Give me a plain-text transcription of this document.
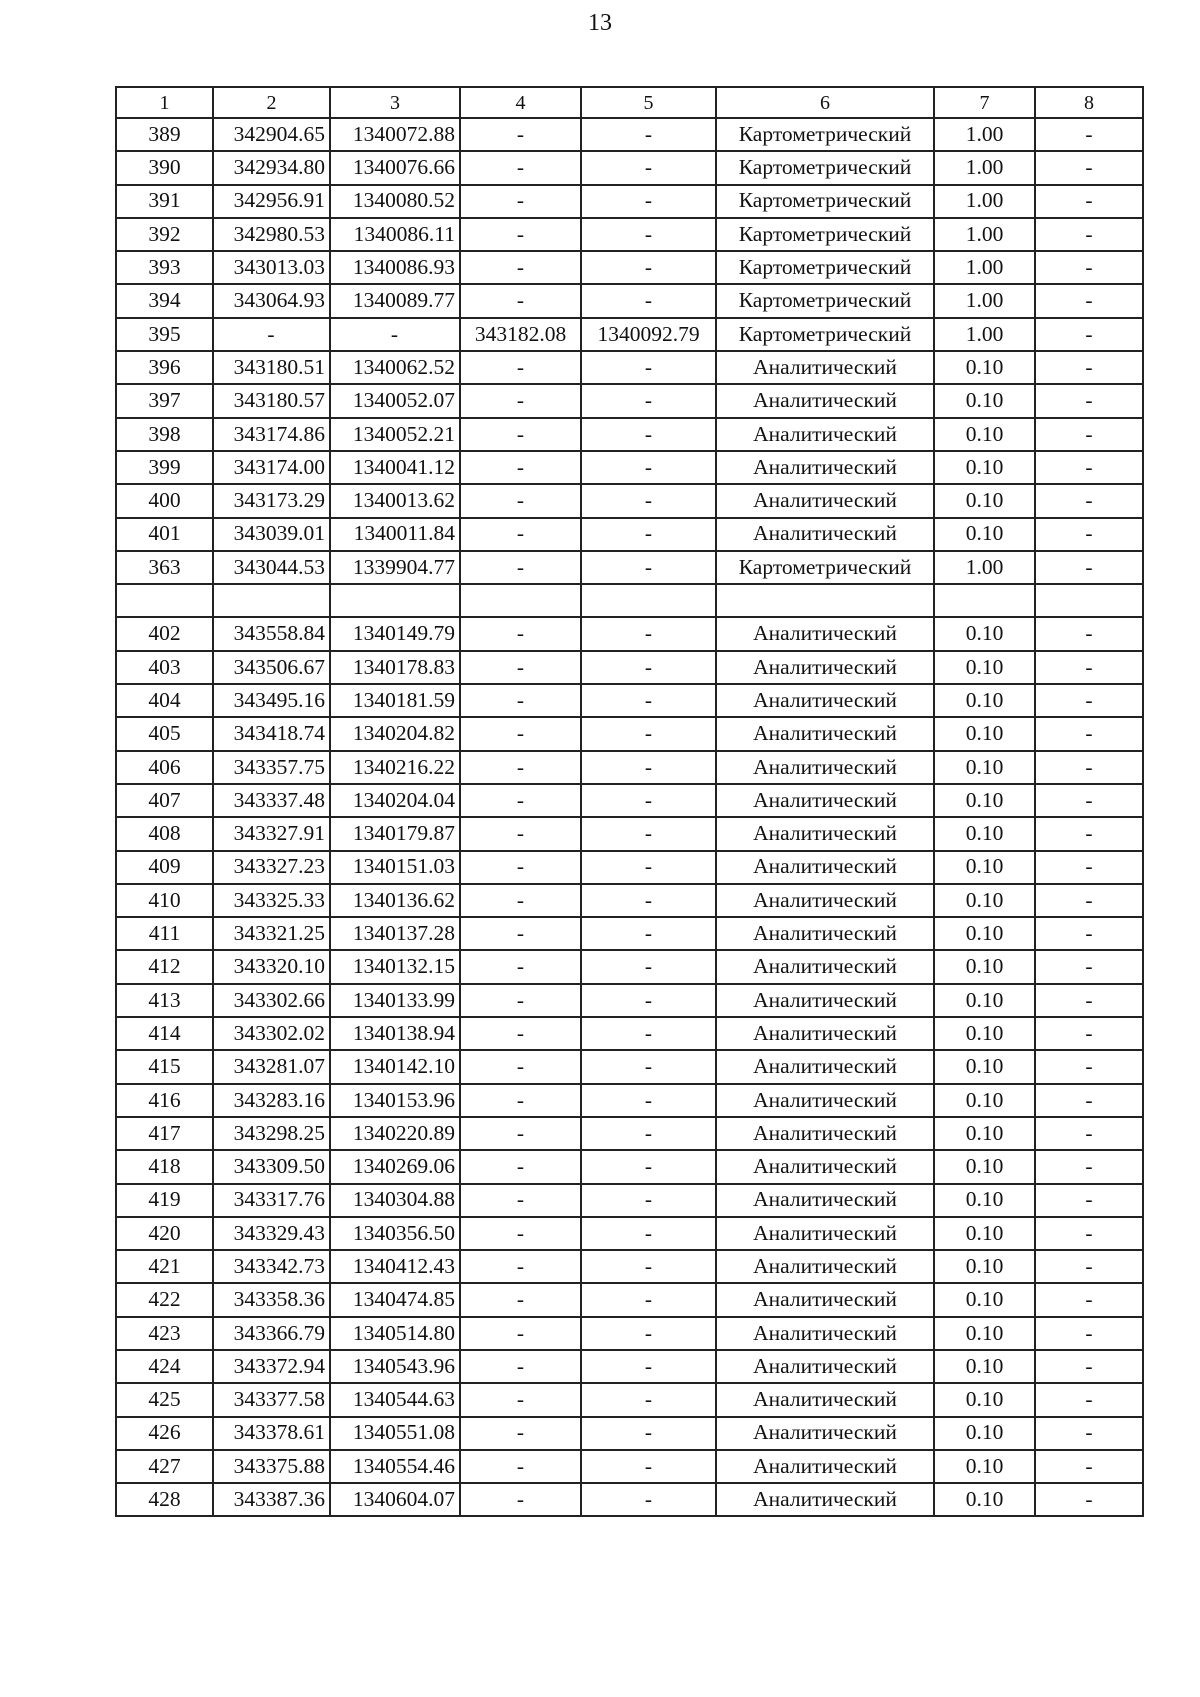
13
1	2	3	4	5	6	7	8
389	342904.65	1340072.88	-	-	Картометрический	1.00	-
390	342934.80	1340076.66	-	-	Картометрический	1.00	-
391	342956.91	1340080.52	-	-	Картометрический	1.00	-
392	342980.53	1340086.11	-	-	Картометрический	1.00	-
393	343013.03	1340086.93	-	-	Картометрический	1.00	-
394	343064.93	1340089.77	-	-	Картометрический	1.00	-
395	-	-	343182.08	1340092.79	Картометрический	1.00	-
396	343180.51	1340062.52	-	-	Аналитический	0.10	-
397	343180.57	1340052.07	-	-	Аналитический	0.10	-
398	343174.86	1340052.21	-	-	Аналитический	0.10	-
399	343174.00	1340041.12	-	-	Аналитический	0.10	-
400	343173.29	1340013.62	-	-	Аналитический	0.10	-
401	343039.01	1340011.84	-	-	Аналитический	0.10	-
363	343044.53	1339904.77	-	-	Картометрический	1.00	-

402	343558.84	1340149.79	-	-	Аналитический	0.10	-
403	343506.67	1340178.83	-	-	Аналитический	0.10	-
404	343495.16	1340181.59	-	-	Аналитический	0.10	-
405	343418.74	1340204.82	-	-	Аналитический	0.10	-
406	343357.75	1340216.22	-	-	Аналитический	0.10	-
407	343337.48	1340204.04	-	-	Аналитический	0.10	-
408	343327.91	1340179.87	-	-	Аналитический	0.10	-
409	343327.23	1340151.03	-	-	Аналитический	0.10	-
410	343325.33	1340136.62	-	-	Аналитический	0.10	-
411	343321.25	1340137.28	-	-	Аналитический	0.10	-
412	343320.10	1340132.15	-	-	Аналитический	0.10	-
413	343302.66	1340133.99	-	-	Аналитический	0.10	-
414	343302.02	1340138.94	-	-	Аналитический	0.10	-
415	343281.07	1340142.10	-	-	Аналитический	0.10	-
416	343283.16	1340153.96	-	-	Аналитический	0.10	-
417	343298.25	1340220.89	-	-	Аналитический	0.10	-
418	343309.50	1340269.06	-	-	Аналитический	0.10	-
419	343317.76	1340304.88	-	-	Аналитический	0.10	-
420	343329.43	1340356.50	-	-	Аналитический	0.10	-
421	343342.73	1340412.43	-	-	Аналитический	0.10	-
422	343358.36	1340474.85	-	-	Аналитический	0.10	-
423	343366.79	1340514.80	-	-	Аналитический	0.10	-
424	343372.94	1340543.96	-	-	Аналитический	0.10	-
425	343377.58	1340544.63	-	-	Аналитический	0.10	-
426	343378.61	1340551.08	-	-	Аналитический	0.10	-
427	343375.88	1340554.46	-	-	Аналитический	0.10	-
428	343387.36	1340604.07	-	-	Аналитический	0.10	-
